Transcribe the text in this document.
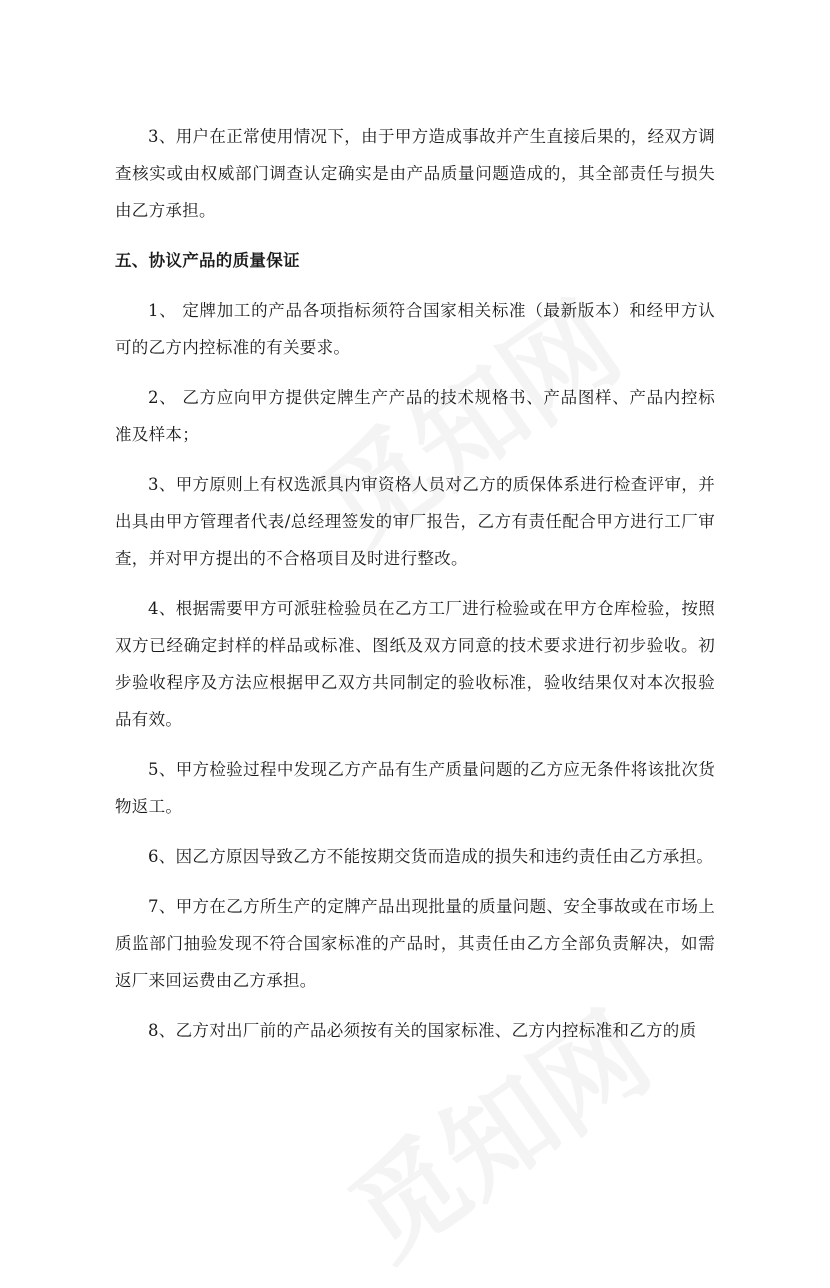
3、用户在正常使用情况下，由于甲方造成事故并产生直接后果的，经双方调查核实或由权威部门调查认定确实是由产品质量问题造成的，其全部责任与损失由乙方承担。

五、协议产品的质量保证

1、 定牌加工的产品各项指标须符合国家相关标准（最新版本）和经甲方认可的乙方内控标准的有关要求。

2、 乙方应向甲方提供定牌生产产品的技术规格书、产品图样、产品内控标准及样本；

3、甲方原则上有权选派具内审资格人员对乙方的质保体系进行检查评审，并出具由甲方管理者代表/总经理签发的审厂报告，乙方有责任配合甲方进行工厂审查，并对甲方提出的不合格项目及时进行整改。

4、根据需要甲方可派驻检验员在乙方工厂进行检验或在甲方仓库检验，按照双方已经确定封样的样品或标准、图纸及双方同意的技术要求进行初步验收。初步验收程序及方法应根据甲乙双方共同制定的验收标准，验收结果仅对本次报验品有效。

5、甲方检验过程中发现乙方产品有生产质量问题的乙方应无条件将该批次货物返工。

6、因乙方原因导致乙方不能按期交货而造成的损失和违约责任由乙方承担。

7、甲方在乙方所生产的定牌产品出现批量的质量问题、安全事故或在市场上质监部门抽验发现不符合国家标准的产品时，其责任由乙方全部负责解决，如需返厂来回运费由乙方承担。

8、乙方对出厂前的产品必须按有关的国家标准、乙方内控标准和乙方的质
